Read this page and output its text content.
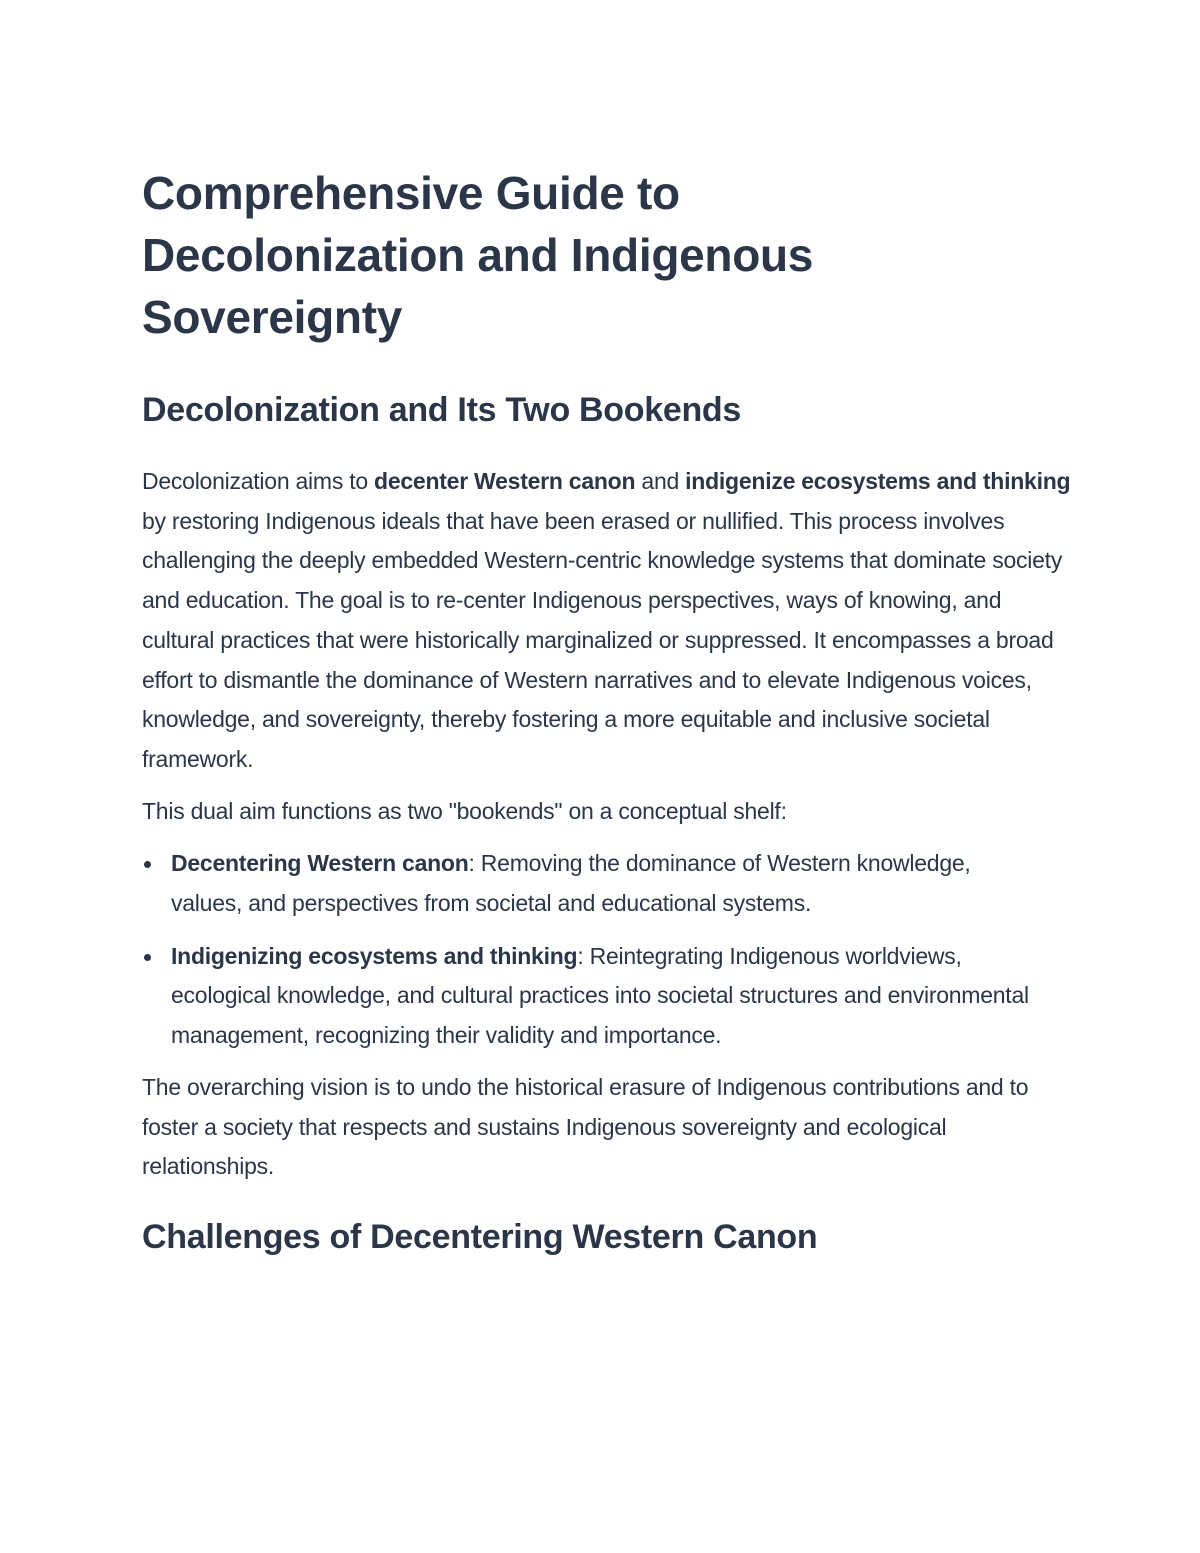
Comprehensive Guide to Decolonization and Indigenous Sovereignty
Decolonization and Its Two Bookends

Decolonization aims to decenter Western canon and indigenize ecosystems and thinking by restoring Indigenous ideals that have been erased or nullified. This process involves challenging the deeply embedded Western-centric knowledge systems that dominate society and education. The goal is to re-center Indigenous perspectives, ways of knowing, and cultural practices that were historically marginalized or suppressed. It encompasses a broad effort to dismantle the dominance of Western narratives and to elevate Indigenous voices, knowledge, and sovereignty, thereby fostering a more equitable and inclusive societal framework.

This dual aim functions as two "bookends" on a conceptual shelf:

Decentering Western canon: Removing the dominance of Western knowledge, values, and perspectives from societal and educational systems.
Indigenizing ecosystems and thinking: Reintegrating Indigenous worldviews, ecological knowledge, and cultural practices into societal structures and environmental management, recognizing their validity and importance.

The overarching vision is to undo the historical erasure of Indigenous contributions and to foster a society that respects and sustains Indigenous sovereignty and ecological relationships.

Challenges of Decentering Western Canon
